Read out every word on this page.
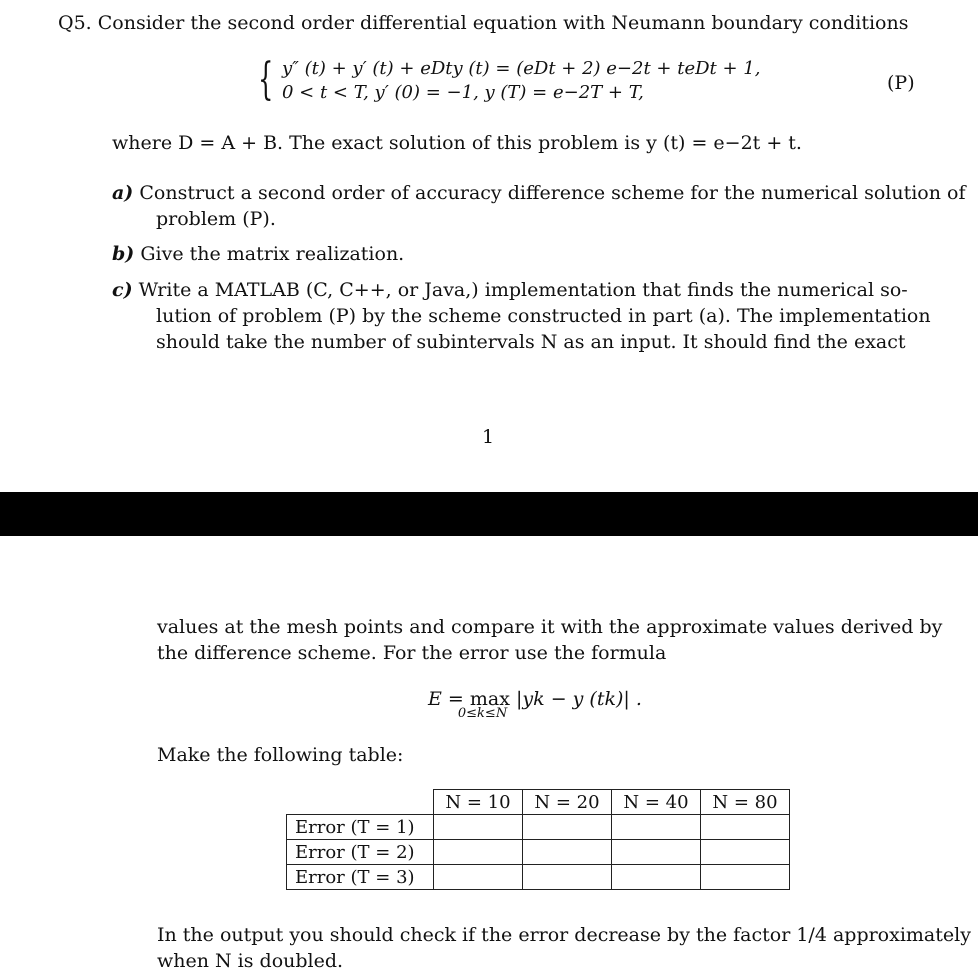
Q5. Consider the second order differential equation with Neumann boundary conditions
{ y″ (t) + y′ (t) + eDty (t) = (eDt + 2) e−2t + teDt + 1,
0 < t < T, y′ (0) = −1, y (T) = e−2T + T,	(P)
where D = A + B. The exact solution of this problem is y (t) = e−2t + t.
a) Construct a second order of accuracy difference scheme for the numerical solution of
problem (P).
b) Give the matrix realization.
c) Write a MATLAB (C, C++, or Java,) implementation that finds the numerical so-
lution of problem (P) by the scheme constructed in part (a). The implementation
should take the number of subintervals N as an input. It should find the exact
1
values at the mesh points and compare it with the approximate values derived by
the difference scheme. For the error use the formula
E = max
0≤k≤N
|yk − y (tk)| .
Make the following table:
	N = 10	N = 20	N = 40	N = 80
Error (T = 1)				
Error (T = 2)				
Error (T = 3)				
In the output you should check if the error decrease by the factor 1/4 approximately
when N is doubled.
